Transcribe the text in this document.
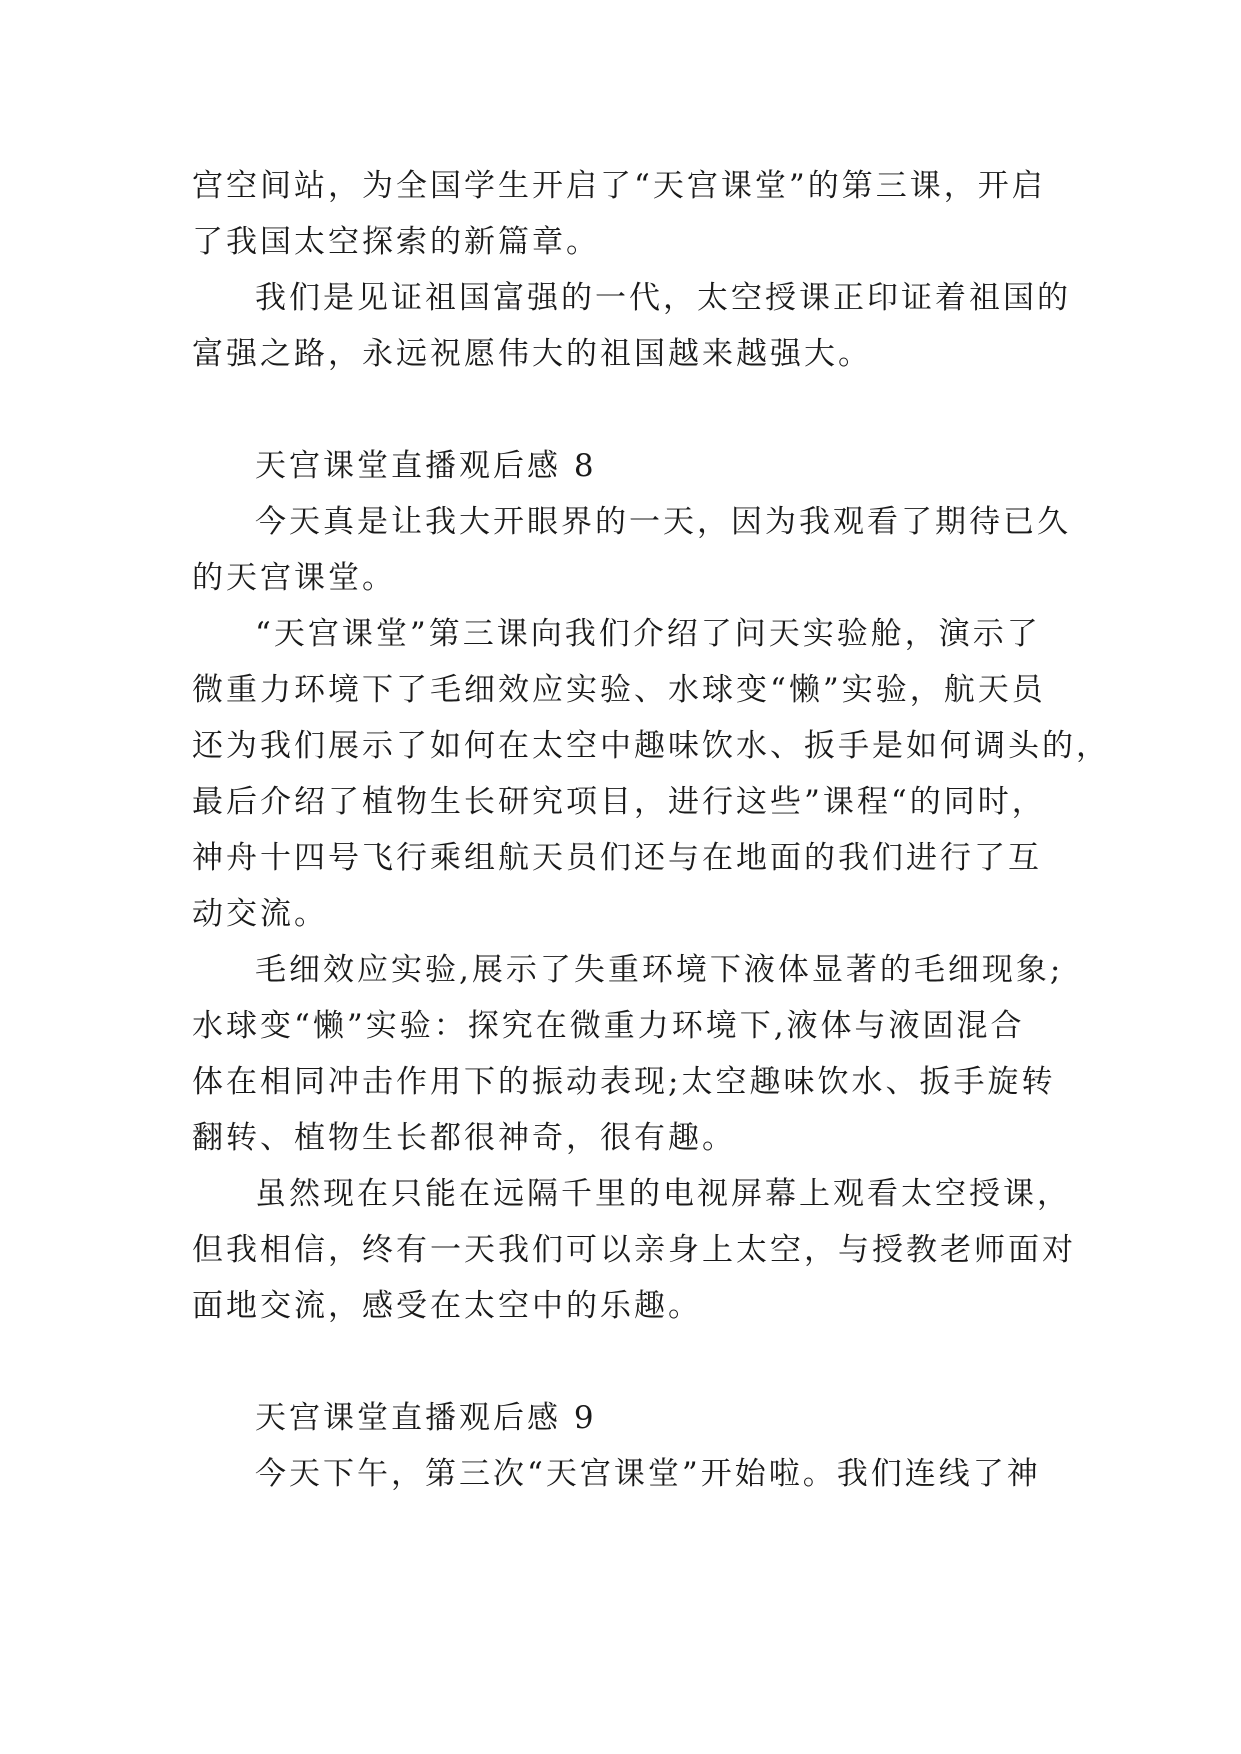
宫空间站，为全国学生开启了“天宫课堂”的第三课，开启
了我国太空探索的新篇章。
我们是见证祖国富强的一代，太空授课正印证着祖国的
富强之路，永远祝愿伟大的祖国越来越强大。
天宫课堂直播观后感 8
今天真是让我大开眼界的一天，因为我观看了期待已久
的天宫课堂。
“天宫课堂”第三课向我们介绍了问天实验舱，演示了
微重力环境下了毛细效应实验、水球变“懒”实验，航天员
还为我们展示了如何在太空中趣味饮水、扳手是如何调头的，
最后介绍了植物生长研究项目，进行这些”课程“的同时，
神舟十四号飞行乘组航天员们还与在地面的我们进行了互
动交流。
毛细效应实验,展示了失重环境下液体显著的毛细现象;
水球变“懒”实验：探究在微重力环境下,液体与液固混合
体在相同冲击作用下的振动表现;太空趣味饮水、扳手旋转
翻转、植物生长都很神奇，很有趣。
虽然现在只能在远隔千里的电视屏幕上观看太空授课，
但我相信，终有一天我们可以亲身上太空，与授教老师面对
面地交流，感受在太空中的乐趣。
天宫课堂直播观后感 9
今天下午，第三次“天宫课堂”开始啦。我们连线了神
